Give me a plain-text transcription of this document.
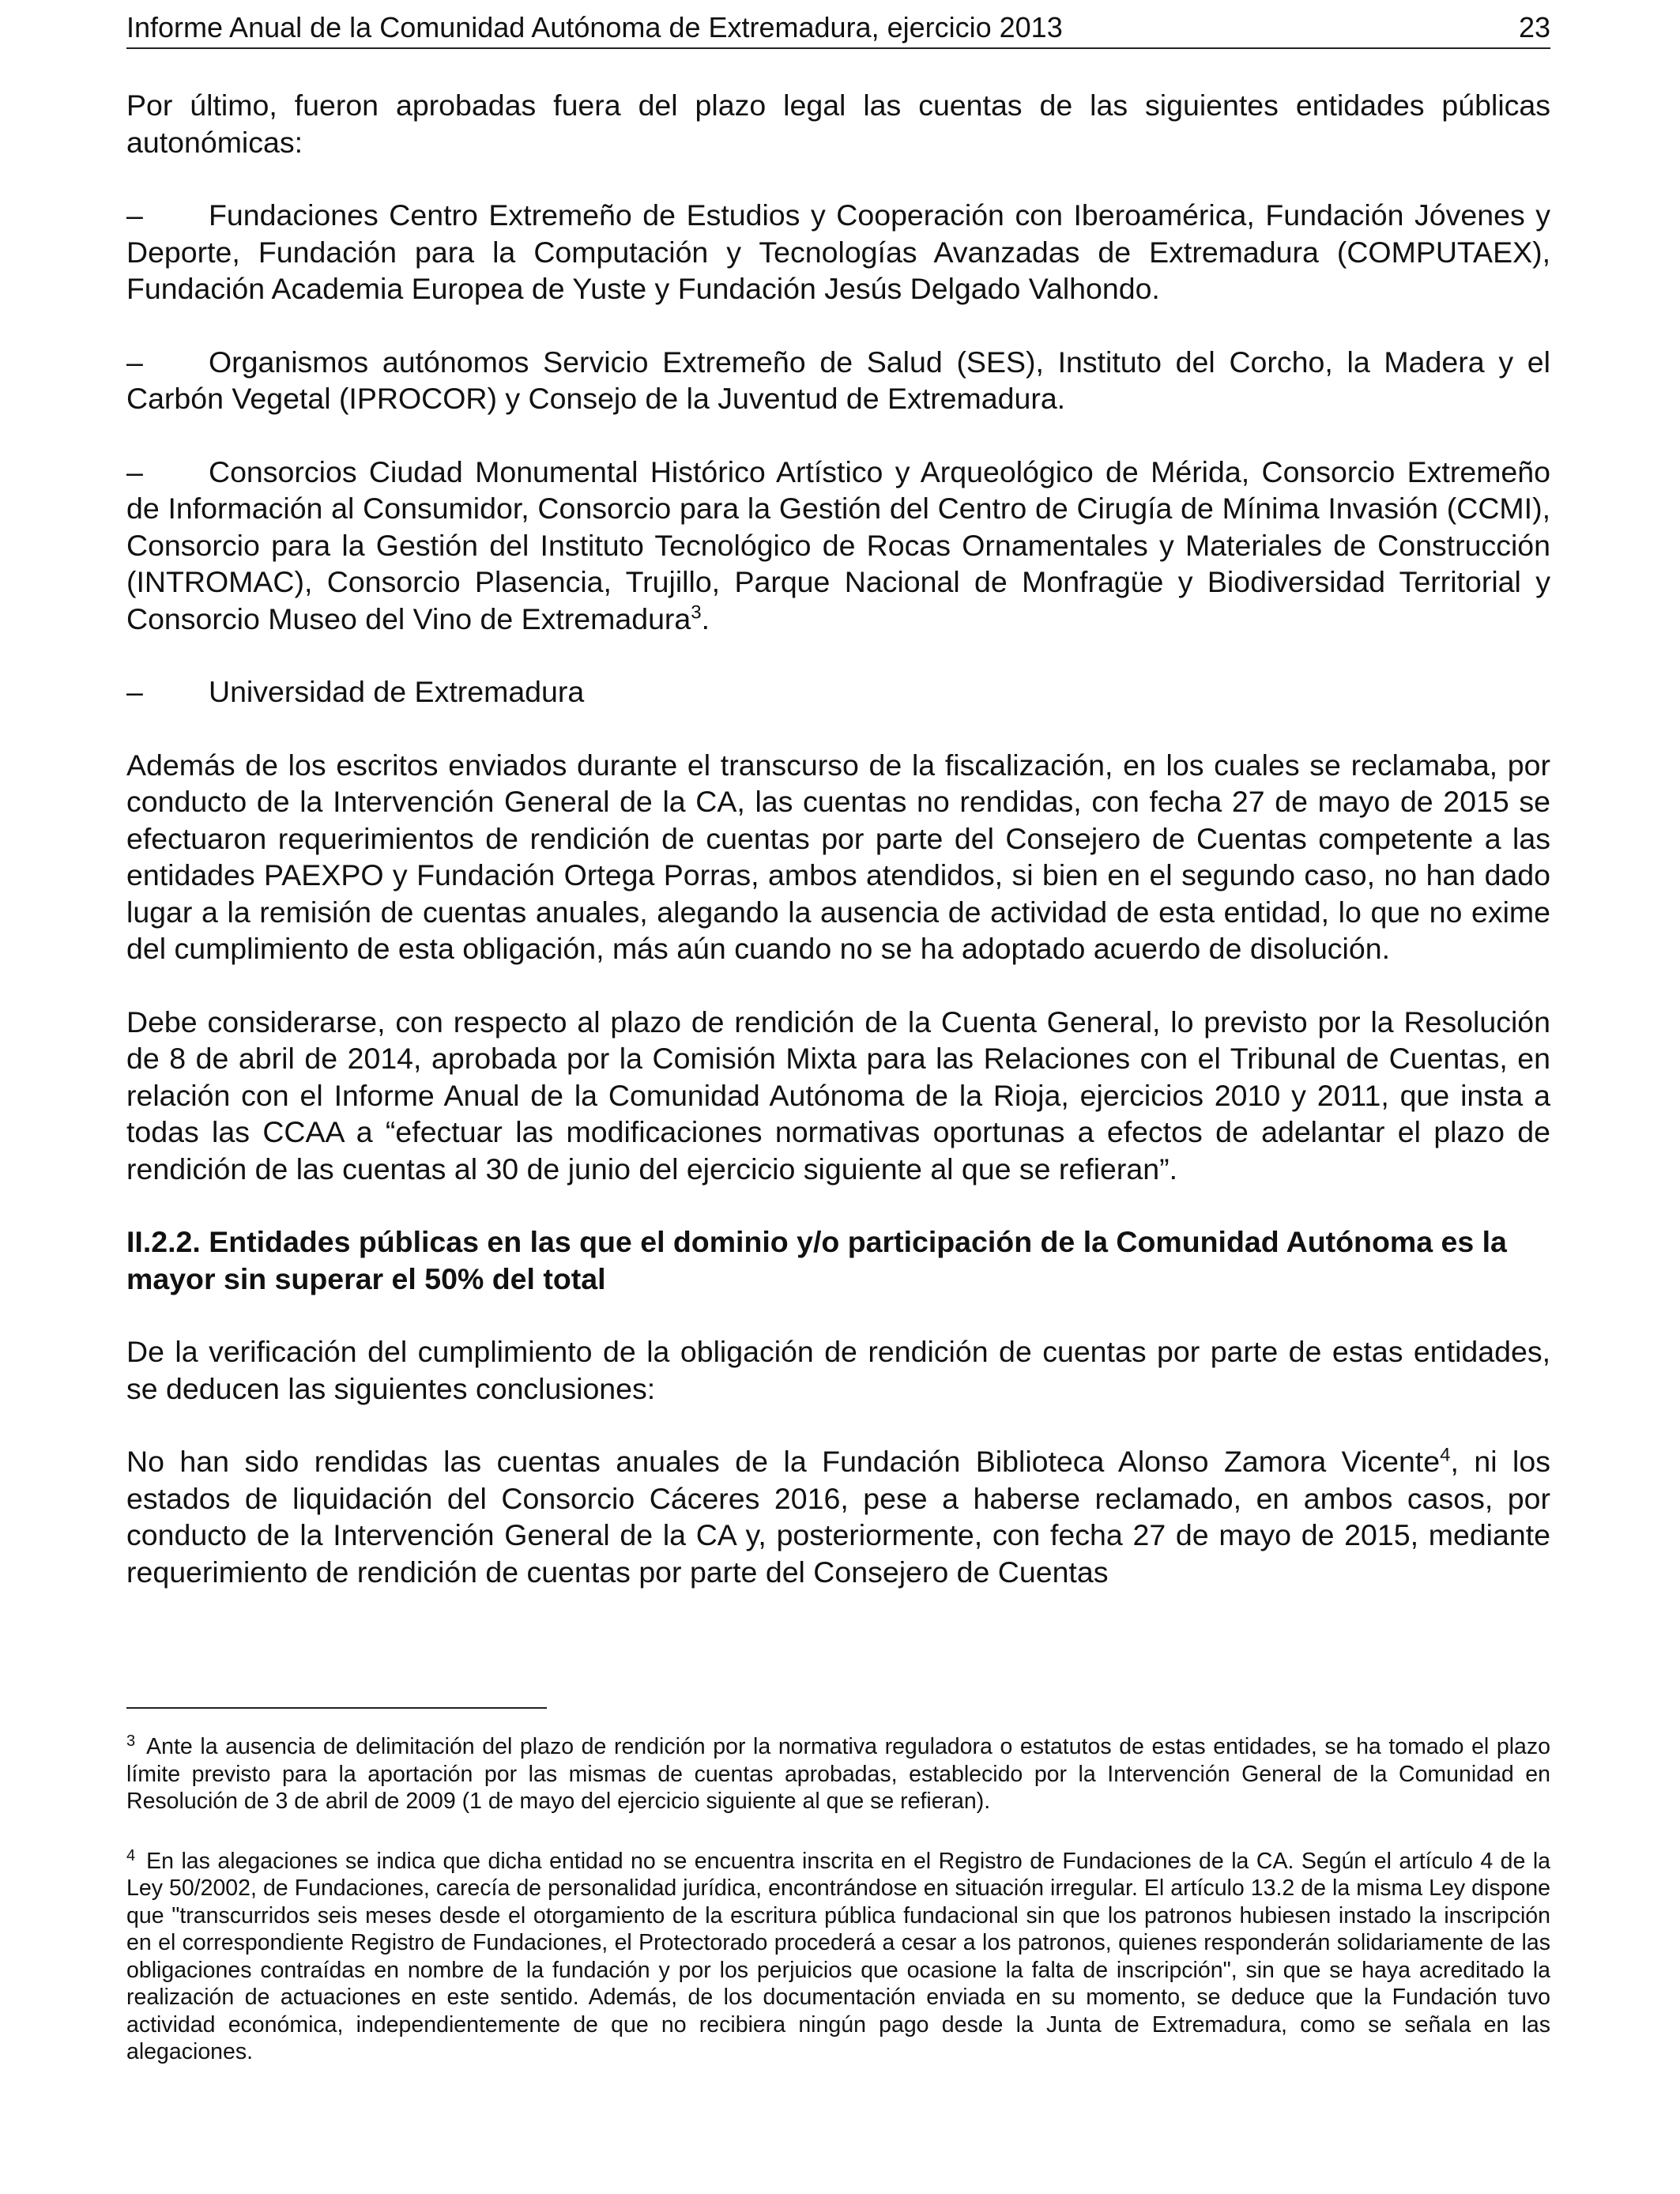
Informe Anual de la Comunidad Autónoma de Extremadura, ejercicio 2013	23

Por último, fueron aprobadas fuera del plazo legal las cuentas de las siguientes entidades públicas autonómicas:

– Fundaciones Centro Extremeño de Estudios y Cooperación con Iberoamérica, Fundación Jóvenes y Deporte, Fundación para la Computación y Tecnologías Avanzadas de Extremadura (COMPUTAEX), Fundación Academia Europea de Yuste y Fundación Jesús Delgado Valhondo.

– Organismos autónomos Servicio Extremeño de Salud (SES), Instituto del Corcho, la Madera y el Carbón Vegetal (IPROCOR) y Consejo de la Juventud de Extremadura.

– Consorcios Ciudad Monumental Histórico Artístico y Arqueológico de Mérida, Consorcio Extremeño de Información al Consumidor, Consorcio para la Gestión del Centro de Cirugía de Mínima Invasión (CCMI), Consorcio para la Gestión del Instituto Tecnológico de Rocas Ornamentales y Materiales de Construcción (INTROMAC), Consorcio Plasencia, Trujillo, Parque Nacional de Monfragüe y Biodiversidad Territorial y Consorcio Museo del Vino de Extremadura$^3$.

– Universidad de Extremadura

Además de los escritos enviados durante el transcurso de la fiscalización, en los cuales se reclamaba, por conducto de la Intervención General de la CA, las cuentas no rendidas, con fecha 27 de mayo de 2015 se efectuaron requerimientos de rendición de cuentas por parte del Consejero de Cuentas competente a las entidades PAEXPO y Fundación Ortega Porras, ambos atendidos, si bien en el segundo caso, no han dado lugar a la remisión de cuentas anuales, alegando la ausencia de actividad de esta entidad, lo que no exime del cumplimiento de esta obligación, más aún cuando no se ha adoptado acuerdo de disolución.

Debe considerarse, con respecto al plazo de rendición de la Cuenta General, lo previsto por la Resolución de 8 de abril de 2014, aprobada por la Comisión Mixta para las Relaciones con el Tribunal de Cuentas, en relación con el Informe Anual de la Comunidad Autónoma de la Rioja, ejercicios 2010 y 2011, que insta a todas las CCAA a “efectuar las modificaciones normativas oportunas a efectos de adelantar el plazo de rendición de las cuentas al 30 de junio del ejercicio siguiente al que se refieran”.

II.2.2. Entidades públicas en las que el dominio y/o participación de la Comunidad Autónoma es la mayor sin superar el 50% del total

De la verificación del cumplimiento de la obligación de rendición de cuentas por parte de estas entidades, se deducen las siguientes conclusiones:

No han sido rendidas las cuentas anuales de la Fundación Biblioteca Alonso Zamora Vicente$^4$, ni los estados de liquidación del Consorcio Cáceres 2016, pese a haberse reclamado, en ambos casos, por conducto de la Intervención General de la CA y, posteriormente, con fecha 27 de mayo de 2015, mediante requerimiento de rendición de cuentas por parte del Consejero de Cuentas

$^3$ Ante la ausencia de delimitación del plazo de rendición por la normativa reguladora o estatutos de estas entidades, se ha tomado el plazo límite previsto para la aportación por las mismas de cuentas aprobadas, establecido por la Intervención General de la Comunidad en Resolución de 3 de abril de 2009 (1 de mayo del ejercicio siguiente al que se refieran).

$^4$ En las alegaciones se indica que dicha entidad no se encuentra inscrita en el Registro de Fundaciones de la CA. Según el artículo 4 de la Ley 50/2002, de Fundaciones, carecía de personalidad jurídica, encontrándose en situación irregular. El artículo 13.2 de la misma Ley dispone que "transcurridos seis meses desde el otorgamiento de la escritura pública fundacional sin que los patronos hubiesen instado la inscripción en el correspondiente Registro de Fundaciones, el Protectorado procederá a cesar a los patronos, quienes responderán solidariamente de las obligaciones contraídas en nombre de la fundación y por los perjuicios que ocasione la falta de inscripción", sin que se haya acreditado la realización de actuaciones en este sentido. Además, de los documentación enviada en su momento, se deduce que la Fundación tuvo actividad económica, independientemente de que no recibiera ningún pago desde la Junta de Extremadura, como se señala en las alegaciones.
